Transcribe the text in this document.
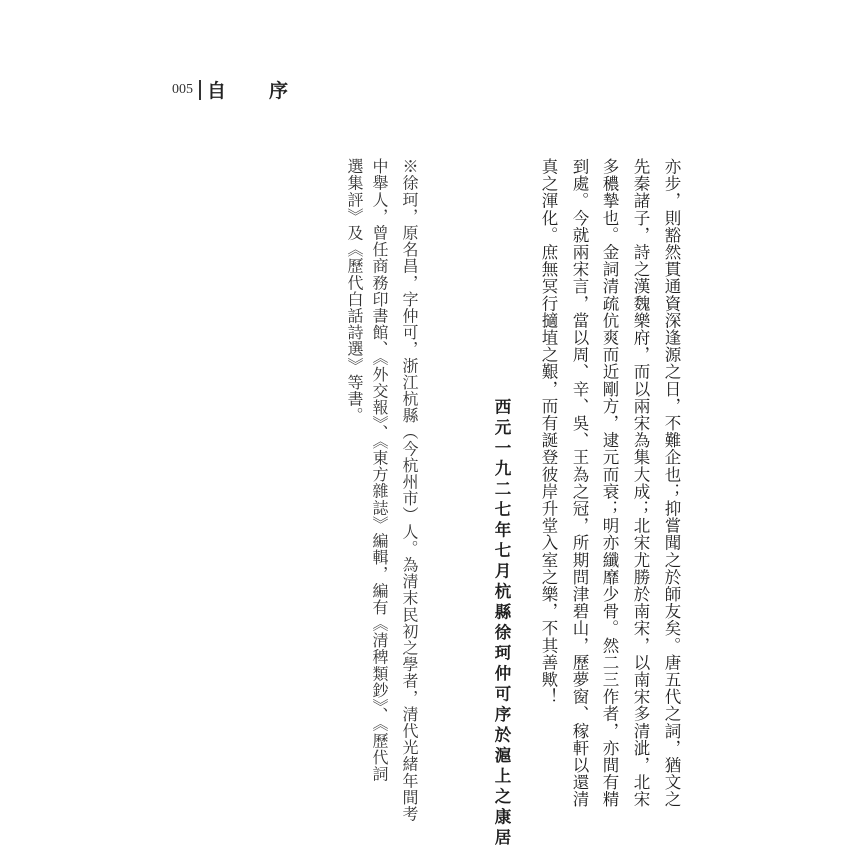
005 自　序
亦步，則豁然貫通資深逢源之日，不難企也；抑嘗聞之於師友矣。唐五代之詞，猶文之
先秦諸子，詩之漢魏樂府，而以兩宋為集大成；北宋尤勝於南宋，以南宋多清泚，北宋
多穠摯也。金詞清疏伉爽而近剛方，逮元而衰；明亦纖靡少骨。然二三作者，亦間有精
到處。今就兩宋言，當以周、辛、吳、王為之冠，所期問津碧山，歷夢窗、稼軒以還清
真之渾化。庶無冥行擿埴之艱，而有誕登彼岸升堂入室之樂，不其善歟！
西元一九二七年七月杭縣徐珂仲可序於滬上之康居
※徐珂，原名昌，字仲可，浙江杭縣（今杭州市）人。為清末民初之學者，清代光緒年間考
中舉人，曾任商務印書館、《外交報》、《東方雜誌》編輯，編有《清稗類鈔》、《歷代詞
選集評》及《歷代白話詩選》等書。
